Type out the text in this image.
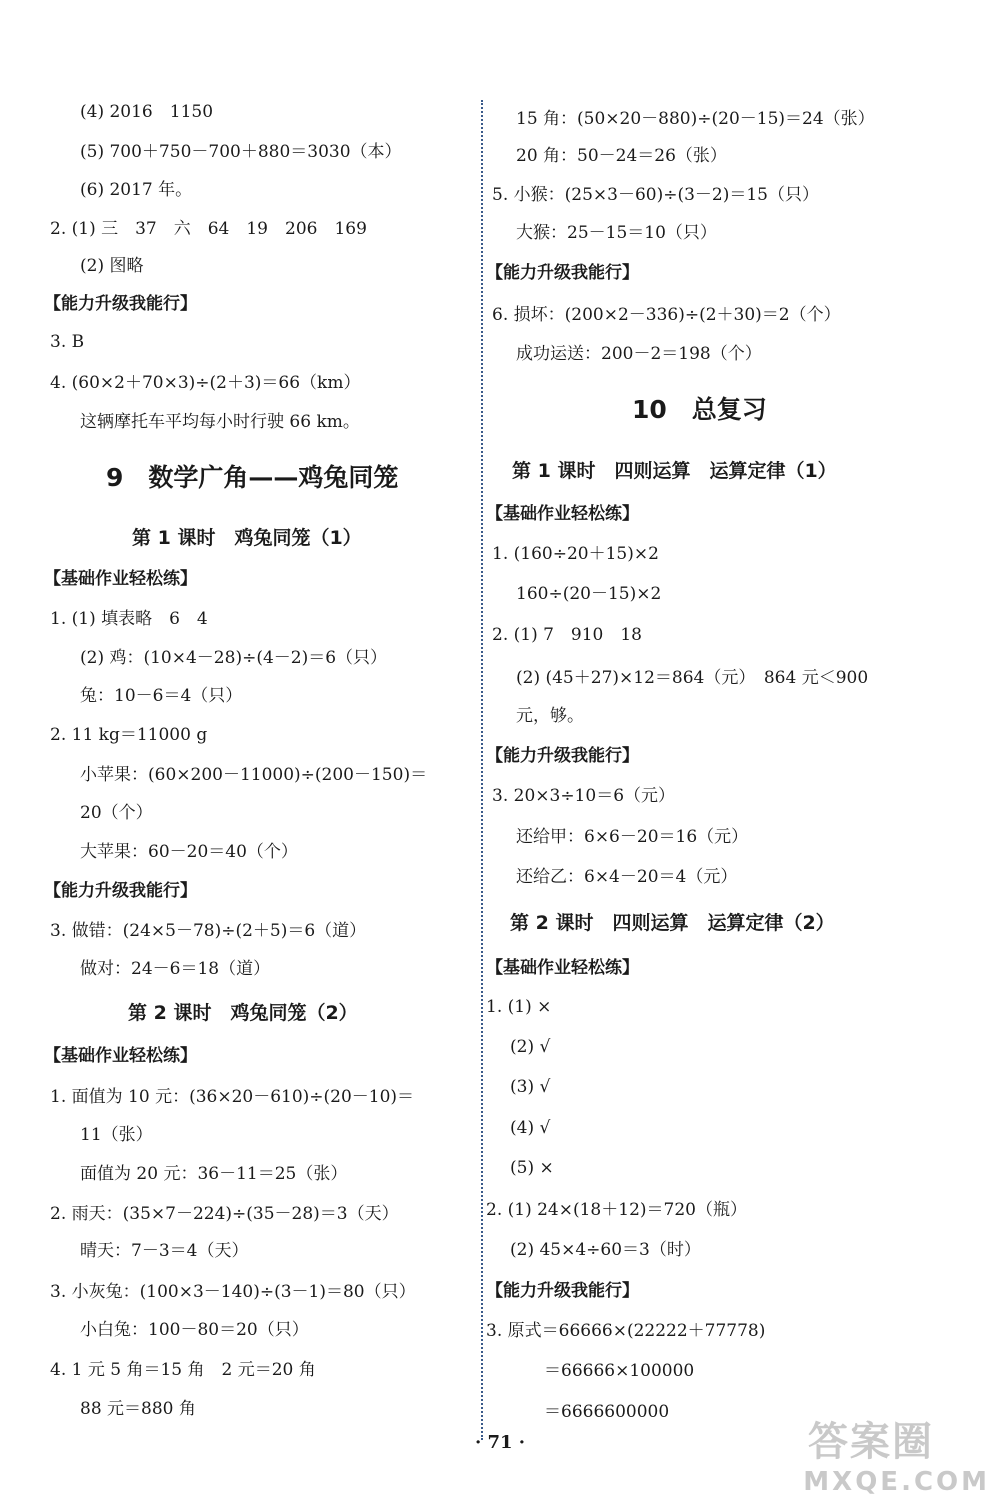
(4) 2016　1150
(5) 700＋750－700＋880＝3030（本）
(6) 2017 年。
2. (1) 三　37　六　64　19　206　169
(2) 图略
【能力升级我能行】
3. B
4. (60×2＋70×3)÷(2＋3)＝66（km）
这辆摩托车平均每小时行驶 66 km。
9　数学广角——鸡兔同笼
第 1 课时　鸡兔同笼（1）
【基础作业轻松练】
1. (1) 填表略　6　4
(2) 鸡：(10×4－28)÷(4－2)＝6（只）
兔：10－6＝4（只）
2. 11 kg＝11000 g
小苹果：(60×200－11000)÷(200－150)＝
20（个）
大苹果：60－20＝40（个）
【能力升级我能行】
3. 做错：(24×5－78)÷(2＋5)＝6（道）
做对：24－6＝18（道）
第 2 课时　鸡兔同笼（2）
【基础作业轻松练】
1. 面值为 10 元：(36×20－610)÷(20－10)＝
11（张）
面值为 20 元：36－11＝25（张）
2. 雨天：(35×7－224)÷(35－28)＝3（天）
晴天：7－3＝4（天）
3. 小灰兔：(100×3－140)÷(3－1)＝80（只）
小白兔：100－80＝20（只）
4. 1 元 5 角＝15 角　2 元＝20 角
88 元＝880 角
15 角：(50×20－880)÷(20－15)＝24（张）
20 角：50－24＝26（张）
5. 小猴：(25×3－60)÷(3－2)＝15（只）
大猴：25－15＝10（只）
【能力升级我能行】
6. 损坏：(200×2－336)÷(2＋30)＝2（个）
成功运送：200－2＝198（个）
10　总复习
第 1 课时　四则运算　运算定律（1）
【基础作业轻松练】
1. (160÷20＋15)×2
160÷(20－15)×2
2. (1) 7　910　18
(2) (45＋27)×12＝864（元）　864 元＜900
元，够。
【能力升级我能行】
3. 20×3÷10＝6（元）
还给甲：6×6－20＝16（元）
还给乙：6×4－20＝4（元）
第 2 课时　四则运算　运算定律（2）
【基础作业轻松练】
1. (1) ×
(2) √
(3) √
(4) √
(5) ×
2. (1) 24×(18＋12)＝720（瓶）
(2) 45×4÷60＝3（时）
【能力升级我能行】
3. 原式＝66666×(22222＋77778)
＝66666×100000
＝6666600000
· 71 ·	答案圈
MXQE.COM
